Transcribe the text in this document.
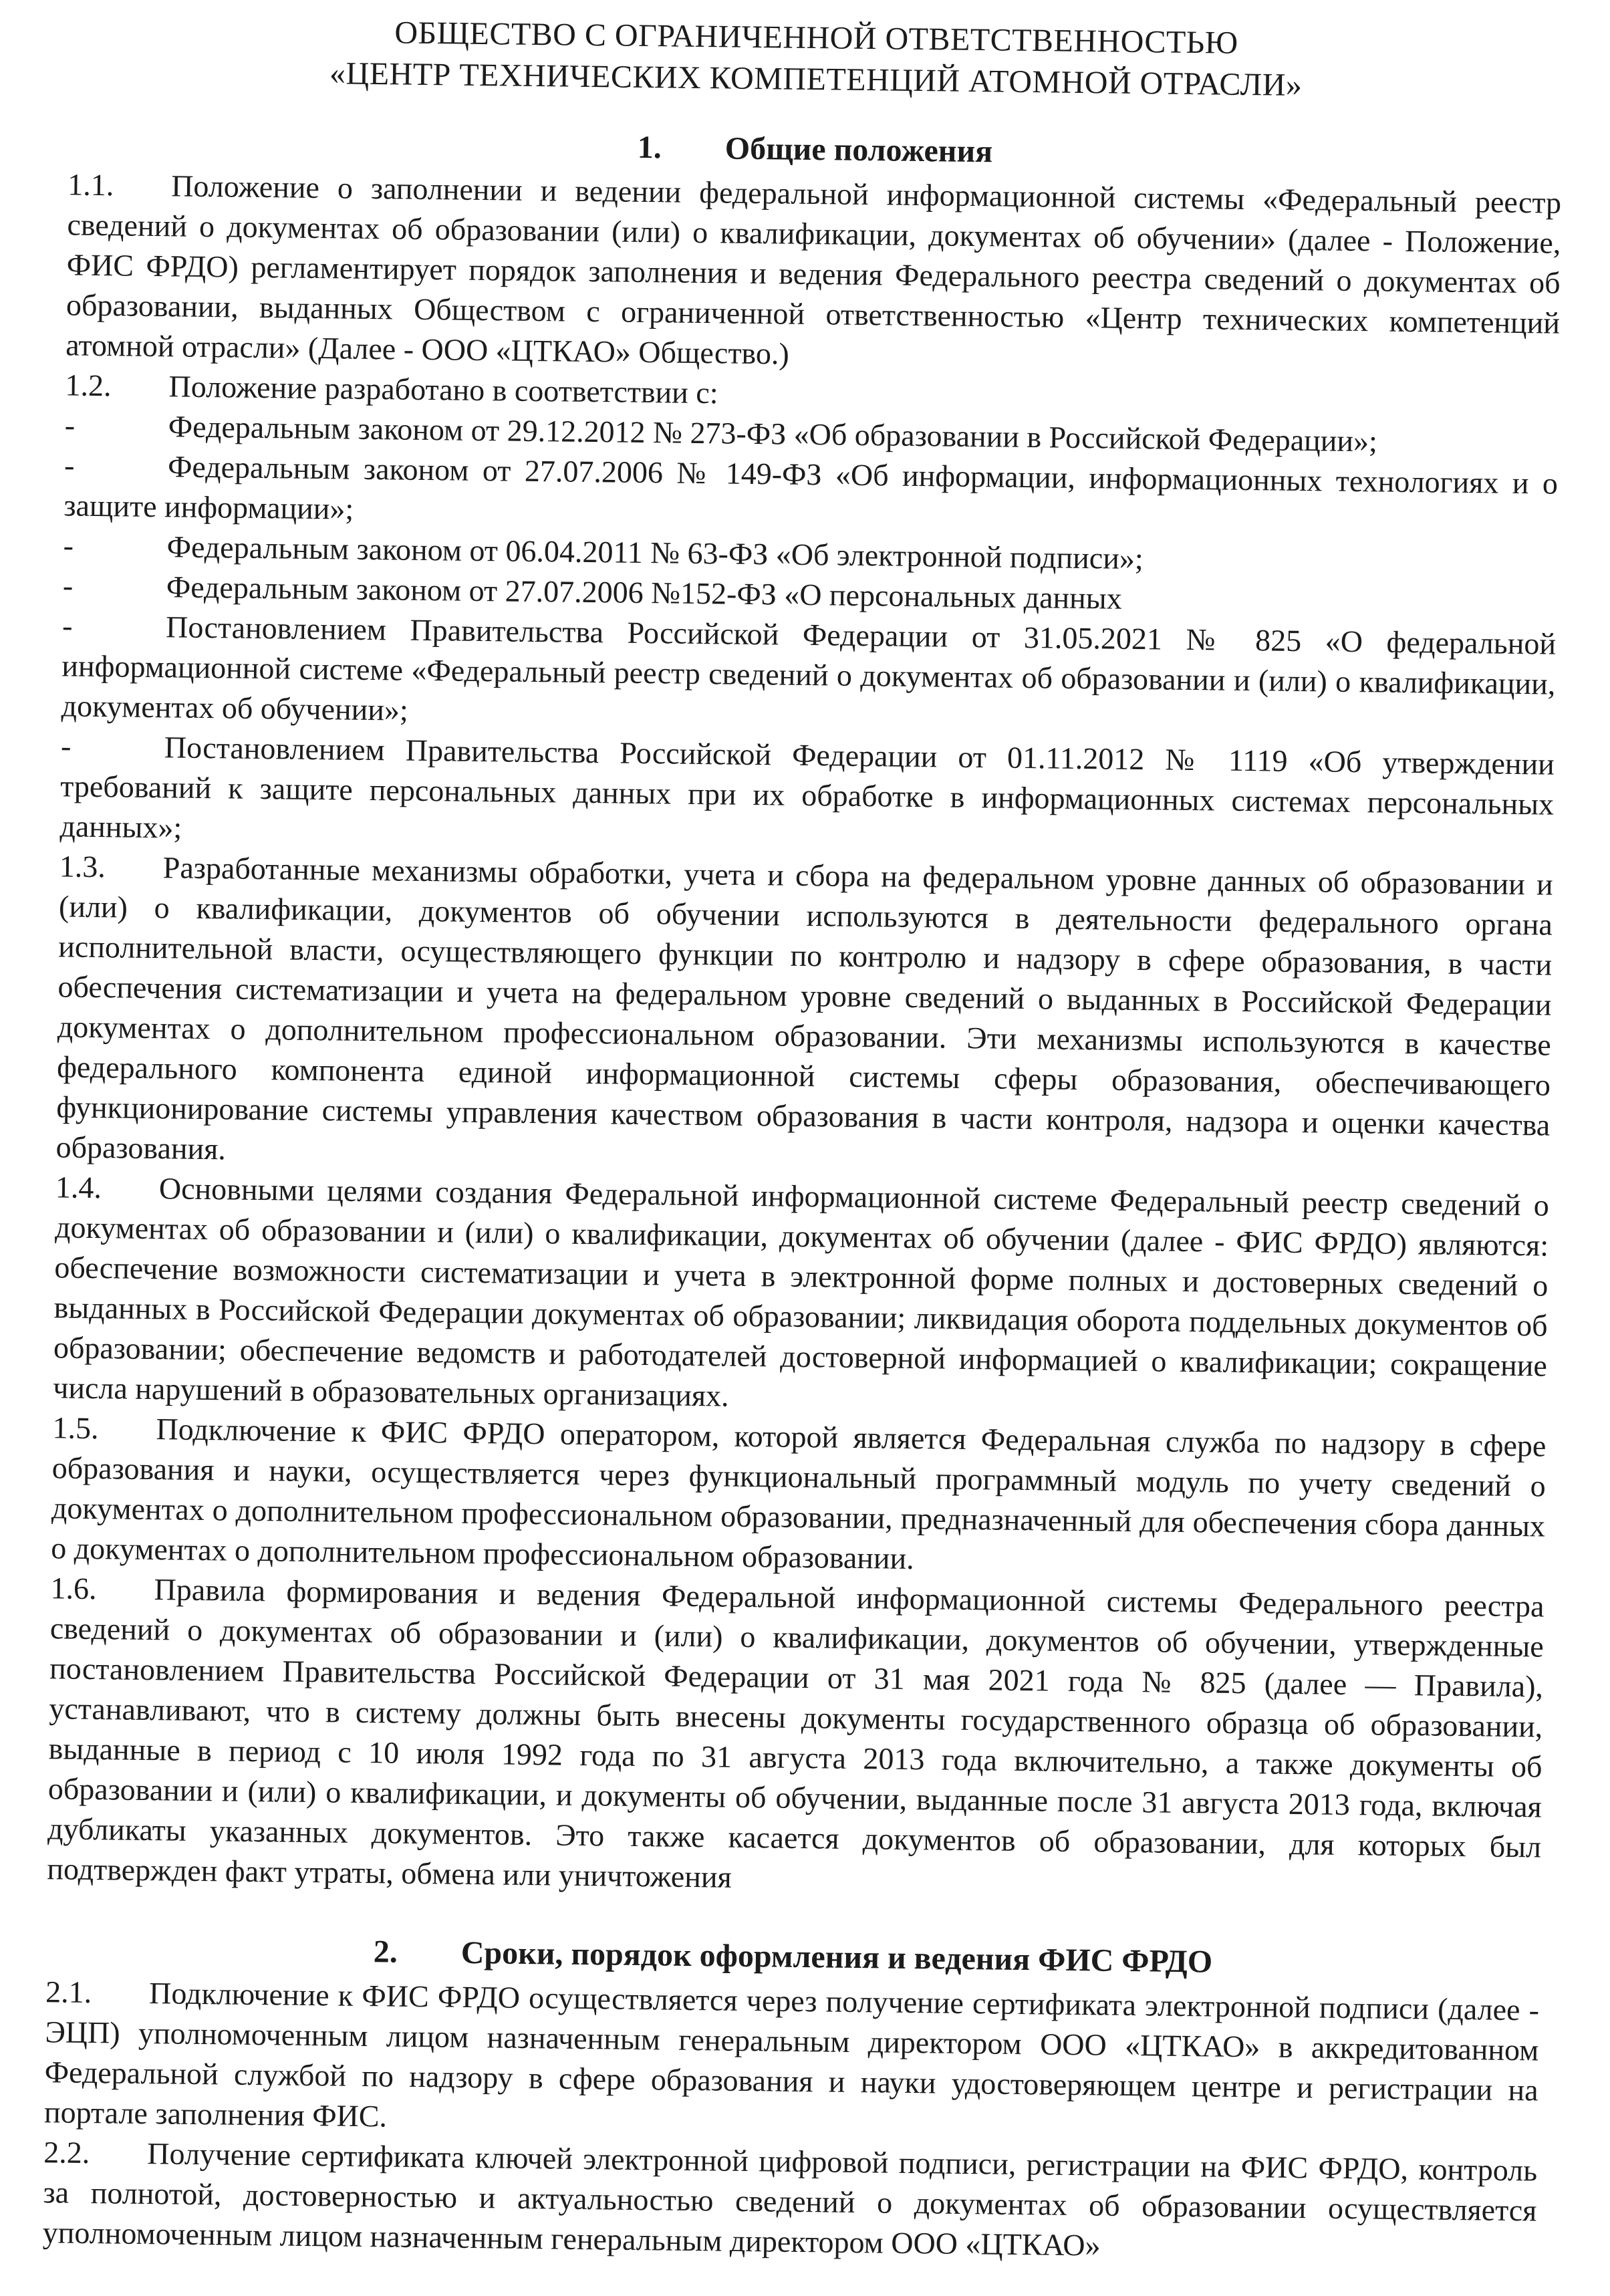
ОБЩЕСТВО С ОГРАНИЧЕННОЙ ОТВЕТСТВЕННОСТЬЮ
«ЦЕНТР ТЕХНИЧЕСКИХ КОМПЕТЕНЦИЙ АТОМНОЙ ОТРАСЛИ»
1. Общие положения

1.1. Положение о заполнении и ведении федеральной информационной системы «Федеральный реестр сведений о документах об образовании (или) о квалификации, документах об обучении» (далее - Положение, ФИС ФРДО) регламентирует порядок заполнения и ведения Федерального реестра сведений о документах об образовании, выданных Обществом с ограниченной ответственностью «Центр технических компетенций атомной отрасли» (Далее - ООО «ЦТКАО» Общество.)

1.2. Положение разработано в соответствии с:

-	Федеральным законом от 29.12.2012 № 273-ФЗ «Об образовании в Российской Федерации»;

-	Федеральным законом от 27.07.2006 № 149-ФЗ «Об информации, информационных технологиях и о защите информации»;

-	Федеральным законом от 06.04.2011 № 63-ФЗ «Об электронной подписи»;

-	Федеральным законом от 27.07.2006 №152-ФЗ «О персональных данных

-	Постановлением Правительства Российской Федерации от 31.05.2021 № 825 «О федеральной информационной системе «Федеральный реестр сведений о документах об образовании и (или) о квалификации, документах об обучении»;

-	Постановлением Правительства Российской Федерации от 01.11.2012 № 1119 «Об утверждении требований к защите персональных данных при их обработке в информационных системах персональных данных»;

1.3. Разработанные механизмы обработки, учета и сбора на федеральном уровне данных об образовании и (или) о квалификации, документов об обучении используются в деятельности федерального органа исполнительной власти, осуществляющего функции по контролю и надзору в сфере образования, в части обеспечения систематизации и учета на федеральном уровне сведений о выданных в Российской Федерации документах о дополнительном профессиональном образовании. Эти механизмы используются в качестве федерального компонента единой информационной системы сферы образования, обеспечивающего функционирование системы управления качеством образования в части контроля, надзора и оценки качества образования.

1.4. Основными целями создания Федеральной информационной системе Федеральный реестр сведений о документах об образовании и (или) о квалификации, документах об обучении (далее - ФИС ФРДО) являются: обеспечение возможности систематизации и учета в электронной форме полных и достоверных сведений о выданных в Российской Федерации документах об образовании; ликвидация оборота поддельных документов об образовании; обеспечение ведомств и работодателей достоверной информацией о квалификации; сокращение числа нарушений в образовательных организациях.

1.5. Подключение к ФИС ФРДО оператором, которой является Федеральная служба по надзору в сфере образования и науки, осуществляется через функциональный программный модуль по учету сведений о документах о дополнительном профессиональном образовании, предназначенный для обеспечения сбора данных о документах о дополнительном профессиональном образовании.

1.6. Правила формирования и ведения Федеральной информационной системы Федерального реестра сведений о документах об образовании и (или) о квалификации, документов об обучении, утвержденные постановлением Правительства Российской Федерации от 31 мая 2021 года № 825 (далее — Правила), устанавливают, что в систему должны быть внесены документы государственного образца об образовании, выданные в период с 10 июля 1992 года по 31 августа 2013 года включительно, а также документы об образовании и (или) о квалификации, и документы об обучении, выданные после 31 августа 2013 года, включая дубликаты указанных документов. Это также касается документов об образовании, для которых был подтвержден факт утраты, обмена или уничтожения

2. Сроки, порядок оформления и ведения ФИС ФРДО

2.1. Подключение к ФИС ФРДО осуществляется через получение сертификата электронной подписи (далее - ЭЦП) уполномоченным лицом назначенным генеральным директором ООО «ЦТКАО» в аккредитованном Федеральной службой по надзору в сфере образования и науки удостоверяющем центре и регистрации на портале заполнения ФИС.

2.2. Получение сертификата ключей электронной цифровой подписи, регистрации на ФИС ФРДО, контроль за полнотой, достоверностью и актуальностью сведений о документах об образовании осуществляется уполномоченным лицом назначенным генеральным директором ООО «ЦТКАО»
